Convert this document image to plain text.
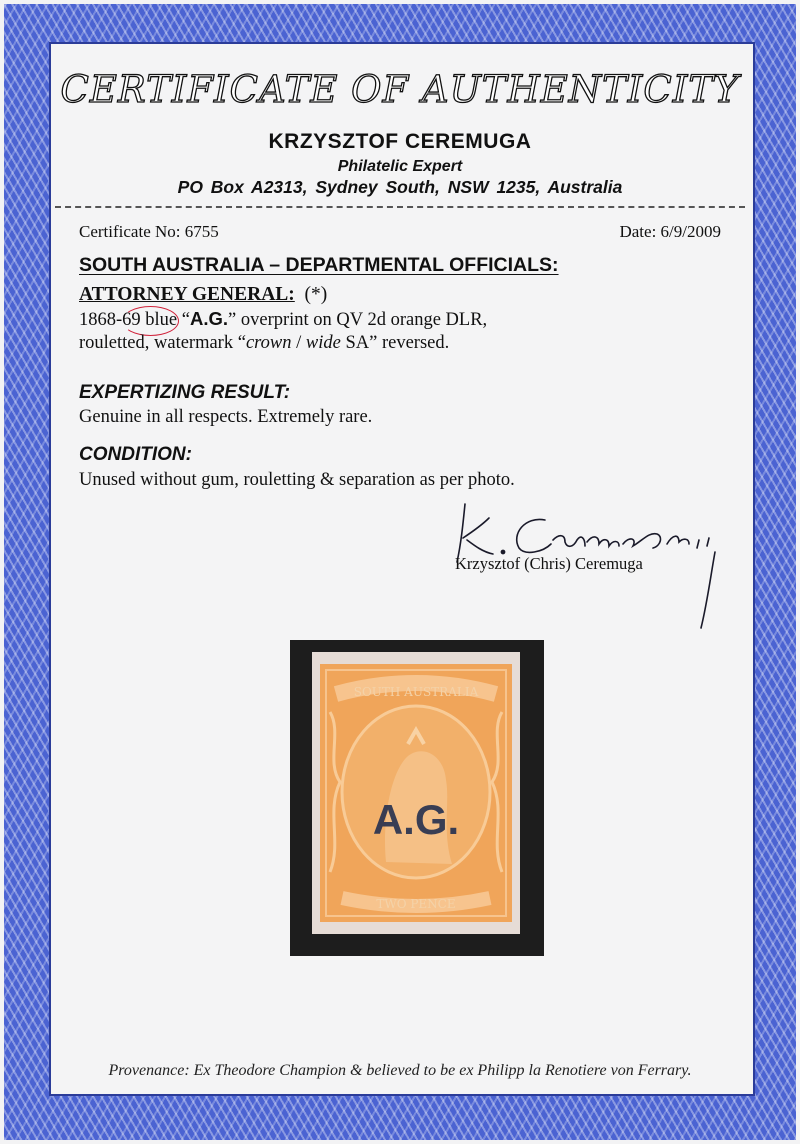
CERTIFICATE OF AUTHENTICITY
KRZYSZTOF CEREMUGA
Philatelic Expert
PO Box A2313, Sydney South, NSW 1235, Australia
Certificate No: 6755	Date: 6/9/2009
SOUTH AUSTRALIA – DEPARTMENTAL OFFICIALS:
ATTORNEY GENERAL: (*)
1868-69 blue “A.G.” overprint on QV 2d orange DLR,
rouletted, watermark “crown / wide SA” reversed.
EXPERTIZING RESULT:
Genuine in all respects. Extremely rare.
CONDITION:
Unused without gum, rouletting & separation as per photo.
Krzysztof (Chris) Ceremuga
SOUTH AUSTRALIA
A.G.
TWO PENCE
Provenance: Ex Theodore Champion & believed to be ex Philipp la Renotiere von Ferrary.
